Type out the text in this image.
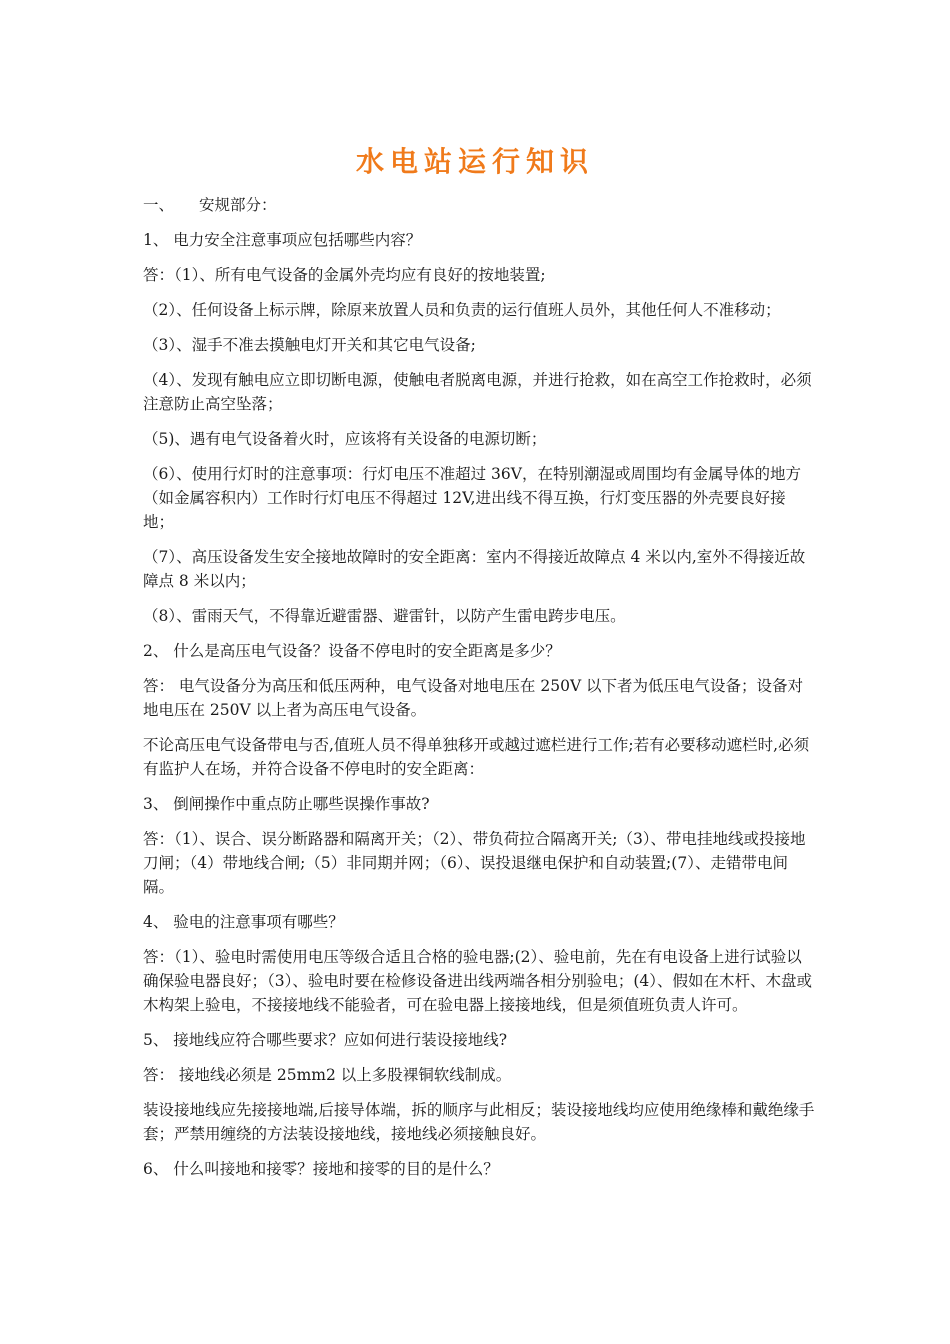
水电站运行知识
一、 安规部分：
1、 电力安全注意事项应包括哪些内容？
答：（1）、所有电气设备的金属外壳均应有良好的按地装置;
（2）、任何设备上标示牌，除原来放置人员和负责的运行值班人员外，其他任何人不准移动；
（3）、湿手不准去摸触电灯开关和其它电气设备;
（4）、发现有触电应立即切断电源，使触电者脱离电源，并进行抢救，如在高空工作抢救时，必须注意防止高空坠落；
（5)、遇有电气设备着火时，应该将有关设备的电源切断；
（6）、使用行灯时的注意事项：行灯电压不准超过 36V，在特别潮湿或周围均有金属导体的地方（如金属容积内）工作时行灯电压不得超过 12V,进出线不得互换，行灯变压器的外壳要良好接地；
（7）、高压设备发生安全接地故障时的安全距离：室内不得接近故障点 4 米以内,室外不得接近故障点 8 米以内；
（8）、雷雨天气，不得靠近避雷器、避雷针，以防产生雷电跨步电压。
2、 什么是高压电气设备？设备不停电时的安全距离是多少？
答： 电气设备分为高压和低压两种，电气设备对地电压在 250V 以下者为低压电气设备；设备对地电压在 250V 以上者为高压电气设备。
不论高压电气设备带电与否,值班人员不得单独移开或越过遮栏进行工作;若有必要移动遮栏时,必须有监护人在场，并符合设备不停电时的安全距离：
3、 倒闸操作中重点防止哪些误操作事故?
答：（1）、误合、误分断路器和隔离开关；（2）、带负荷拉合隔离开关;（3）、带电挂地线或投接地刀闸；（4）带地线合闸;（5）非同期并网；（6）、误投退继电保护和自动装置;(7）、走错带电间隔。
4、 验电的注意事项有哪些？
答：（1）、验电时需使用电压等级合适且合格的验电器;(2）、验电前，先在有电设备上进行试验以确保验电器良好；（3）、验电时要在检修设备进出线两端各相分别验电；(4）、假如在木杆、木盘或木构架上验电，不接接地线不能验者，可在验电器上接接地线，但是须值班负责人许可。
5、 接地线应符合哪些要求？应如何进行装设接地线?
答： 接地线必须是 25mm2 以上多股裸铜软线制成。
装设接地线应先接接地端,后接导体端，拆的顺序与此相反；装设接地线均应使用绝缘棒和戴绝缘手套；严禁用缠绕的方法装设接地线，接地线必须接触良好。
6、 什么叫接地和接零？接地和接零的目的是什么？
